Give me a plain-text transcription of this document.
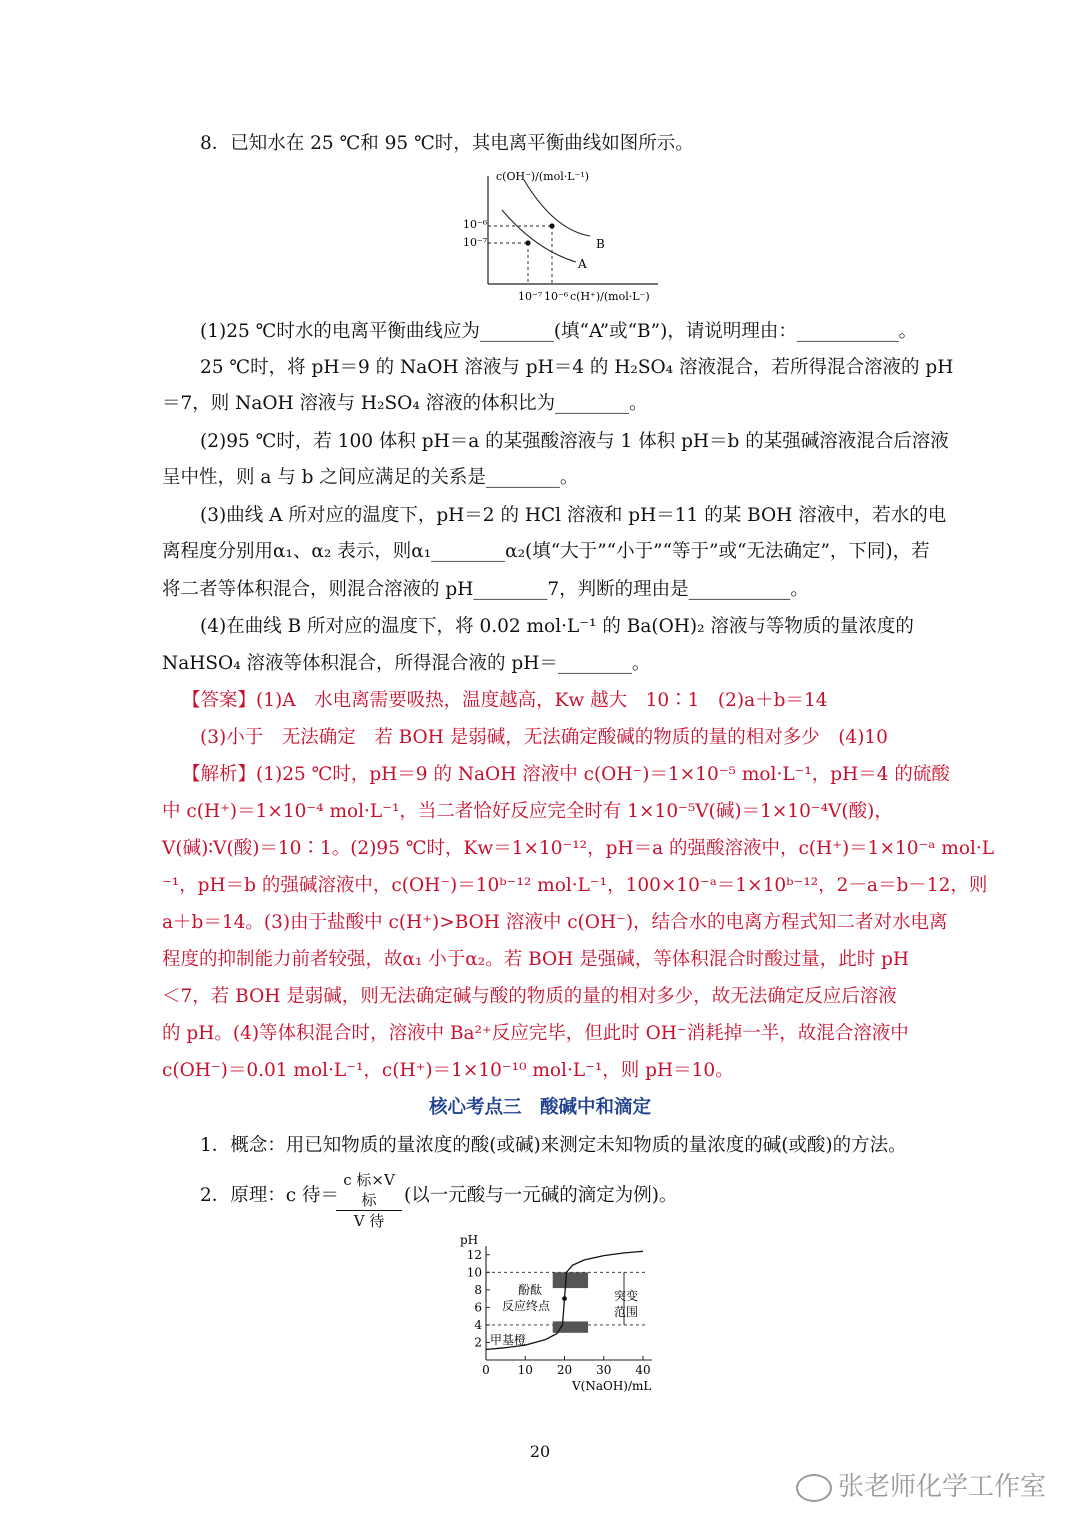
8．已知水在 25 ℃和 95 ℃时，其电离平衡曲线如图所示。
c(OH⁻)/(mol·L⁻¹)
10⁻⁶
10⁻⁷
10⁻⁷ 10⁻⁶ c(H⁺)/(mol·L⁻)
B
A
(1)25 ℃时水的电离平衡曲线应为________(填“A”或“B”)，请说明理由：___________。
25 ℃时，将 pH＝9 的 NaOH 溶液与 pH＝4 的 H₂SO₄ 溶液混合，若所得混合溶液的 pH
＝7，则 NaOH 溶液与 H₂SO₄ 溶液的体积比为________。
(2)95 ℃时，若 100 体积 pH＝a 的某强酸溶液与 1 体积 pH＝b 的某强碱溶液混合后溶液
呈中性，则 a 与 b 之间应满足的关系是________。
(3)曲线 A 所对应的温度下，pH＝2 的 HCl 溶液和 pH＝11 的某 BOH 溶液中，若水的电
离程度分别用α₁、α₂ 表示，则α₁________α₂(填“大于”“小于”“等于”或“无法确定”，下同)，若
将二者等体积混合，则混合溶液的 pH________7，判断的理由是___________。
(4)在曲线 B 所对应的温度下，将 0.02 mol·L⁻¹ 的 Ba(OH)₂ 溶液与等物质的量浓度的
NaHSO₄ 溶液等体积混合，所得混合液的 pH＝________。
【答案】(1)A　水电离需要吸热，温度越高，Kw 越大　10∶1　(2)a＋b＝14
(3)小于　无法确定　若 BOH 是弱碱，无法确定酸碱的物质的量的相对多少　(4)10
【解析】(1)25 ℃时，pH＝9 的 NaOH 溶液中 c(OH⁻)＝1×10⁻⁵ mol·L⁻¹，pH＝4 的硫酸
中 c(H⁺)＝1×10⁻⁴ mol·L⁻¹，当二者恰好反应完全时有 1×10⁻⁵V(碱)＝1×10⁻⁴V(酸)，
V(碱)∶V(酸)＝10∶1。(2)95 ℃时，Kw＝1×10⁻¹²，pH＝a 的强酸溶液中，c(H⁺)＝1×10⁻ᵃ mol·L
⁻¹，pH＝b 的强碱溶液中，c(OH⁻)＝10ᵇ⁻¹² mol·L⁻¹，100×10⁻ᵃ＝1×10ᵇ⁻¹²，2－a＝b－12，则
a＋b＝14。(3)由于盐酸中 c(H⁺)>BOH 溶液中 c(OH⁻)，结合水的电离方程式知二者对水电离
程度的抑制能力前者较强，故α₁ 小于α₂。若 BOH 是强碱，等体积混合时酸过量，此时 pH
＜7，若 BOH 是弱碱，则无法确定碱与酸的物质的量的相对多少，故无法确定反应后溶液
的 pH。(4)等体积混合时，溶液中 Ba²⁺反应完毕，但此时 OH⁻消耗掉一半，故混合溶液中
c(OH⁻)＝0.01 mol·L⁻¹，c(H⁺)＝1×10⁻¹⁰ mol·L⁻¹，则 pH＝10。
核心考点三　酸碱中和滴定
1．概念：用已知物质的量浓度的酸(或碱)来测定未知物质的量浓度的碱(或酸)的方法。
2．原理：c 待＝
c 标×V 标
V 待
(以一元酸与一元碱的滴定为例)。
pH
12
10
8
6
4
2
0 10 20 30 40
酚酞
反应终点
甲基橙
突变
范围
V(NaOH)/mL
20
张老师化学工作室
